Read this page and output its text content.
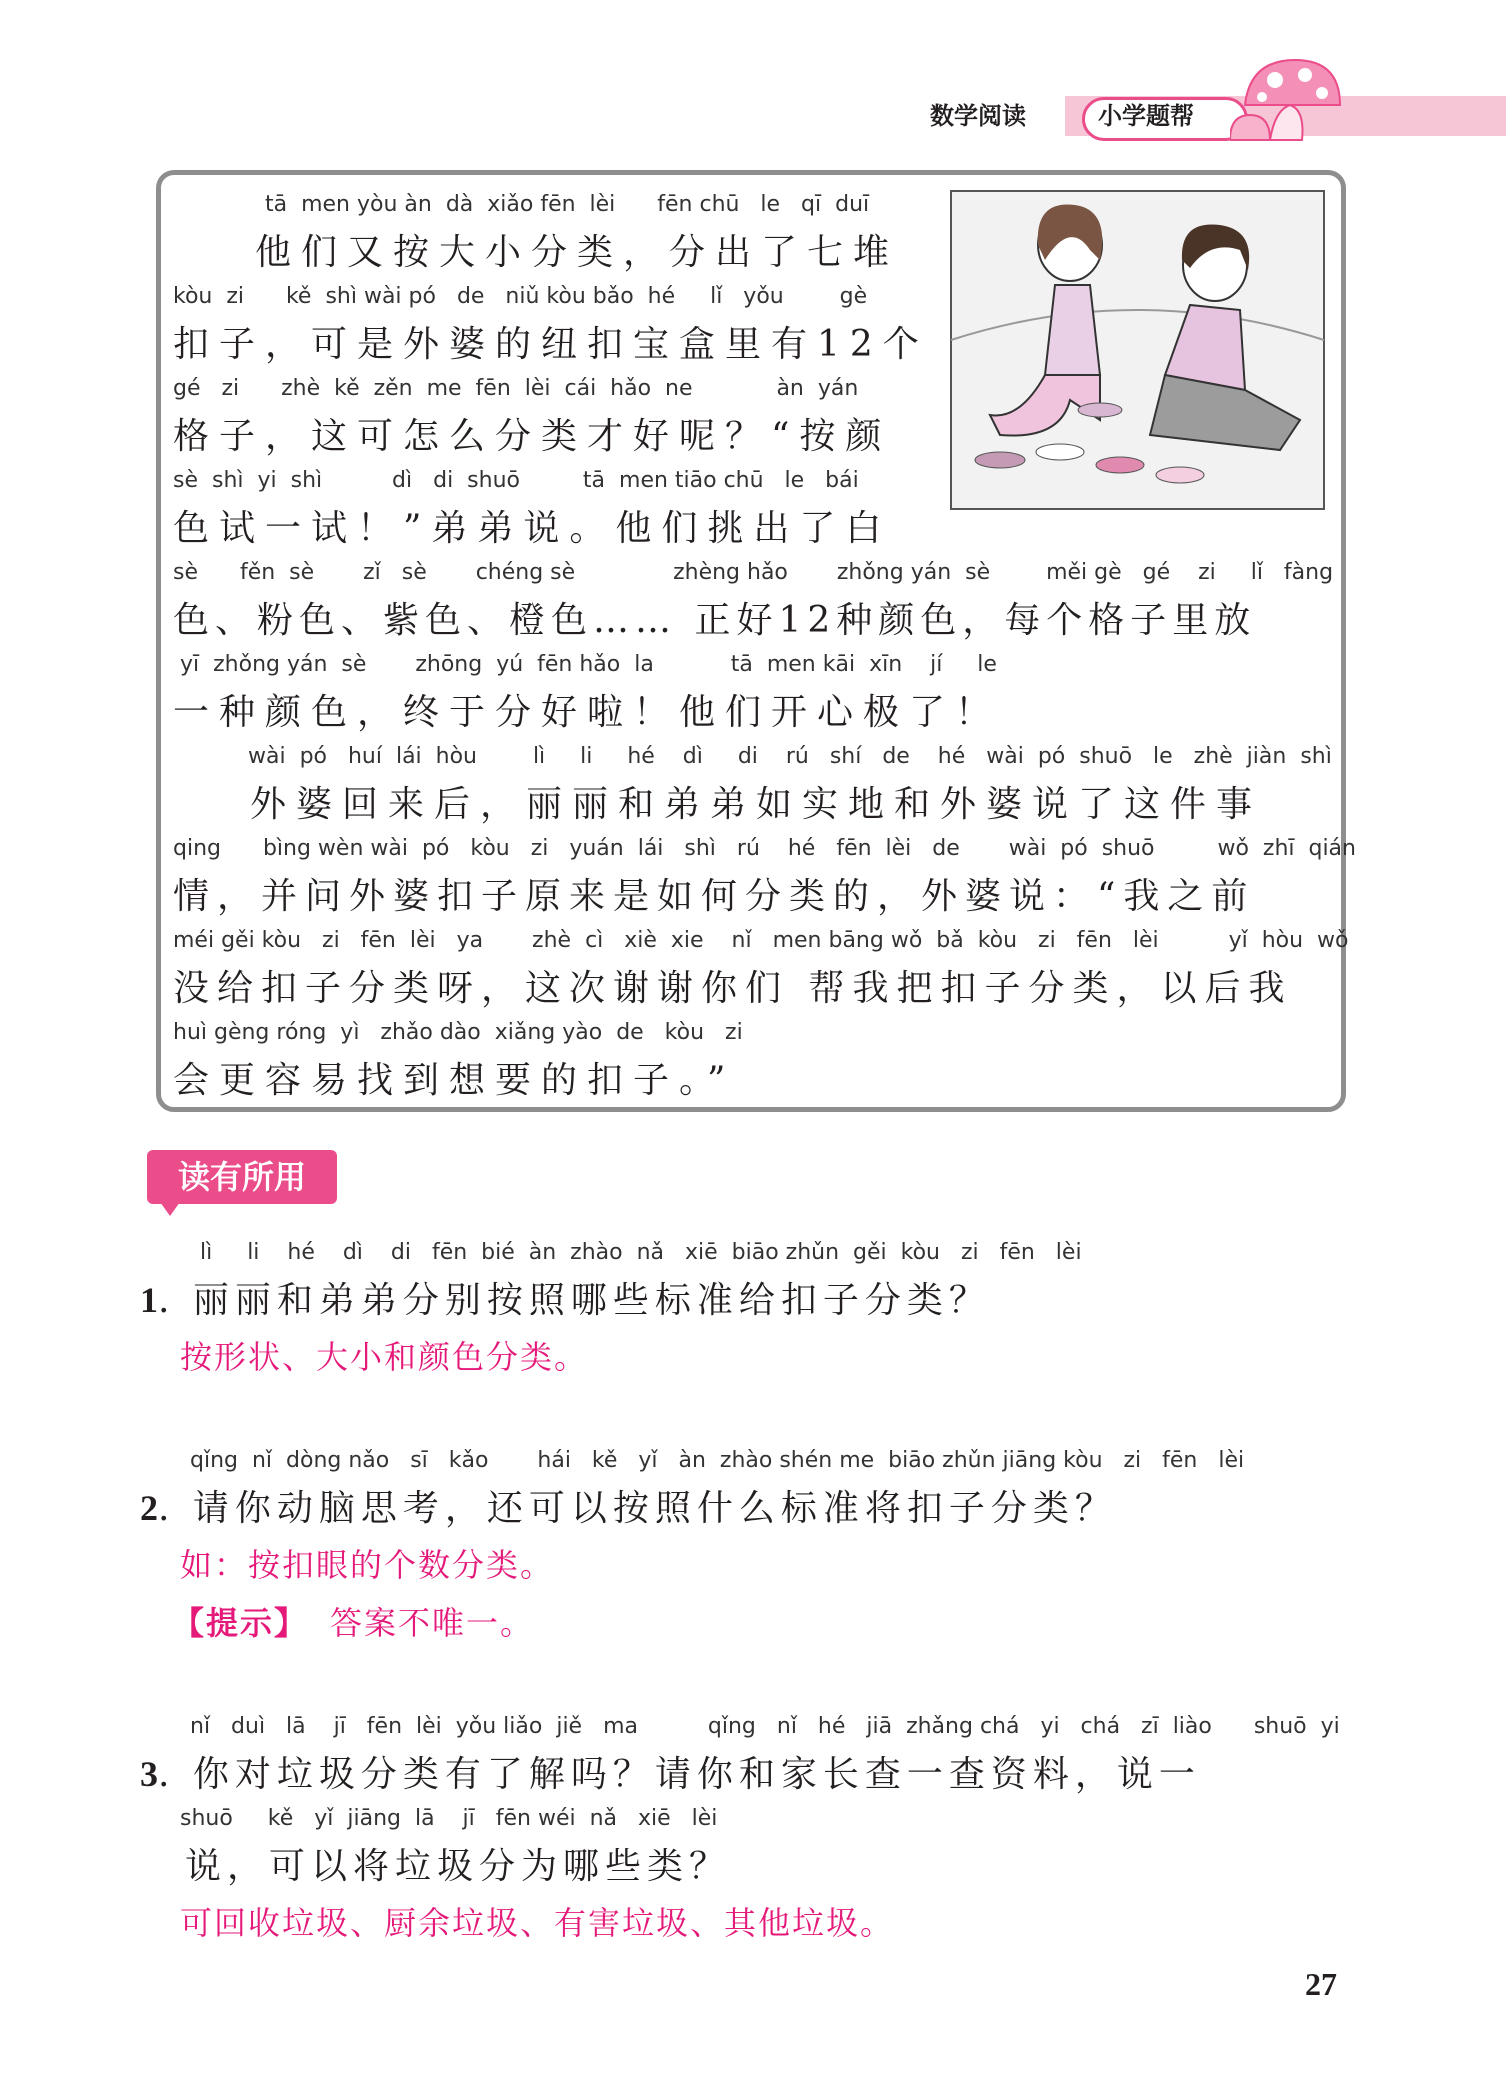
数学阅读	小学题帮
tā  men yòu àn  dà  xiǎo fēn  lèi      fēn chū   le   qī  duī
他们又按大小分类，分出了七堆
kòu  zi      kě  shì wài pó   de   niǔ kòu bǎo  hé     lǐ   yǒu        gè
扣子，可是外婆的纽扣宝盒里有12个
gé   zi      zhè  kě  zěn  me  fēn  lèi  cái  hǎo  ne            àn  yán
格子，这可怎么分类才好呢？“按颜
sè  shì  yi  shì          dì   di  shuō         tā  men tiāo chū   le   bái
色试一试！”弟弟说。他们挑出了白
sè      fěn  sè       zǐ   sè       chéng sè              zhèng hǎo       zhǒng yán  sè        měi gè   gé    zi     lǐ   fàng
色、粉色、紫色、橙色…… 正好12种颜色，每个格子里放
yī  zhǒng yán  sè       zhōng  yú  fēn hǎo  la           tā  men kāi  xīn    jí     le
一种颜色，终于分好啦！他们开心极了！
wài  pó   huí  lái  hòu        lì     li     hé    dì     di    rú   shí   de    hé   wài  pó  shuō   le   zhè  jiàn  shì
外婆回来后，丽丽和弟弟如实地和外婆说了这件事
qing      bìng wèn wài  pó   kòu   zi   yuán  lái   shì   rú    hé   fēn  lèi   de       wài  pó  shuō         wǒ  zhī  qián
情，并问外婆扣子原来是如何分类的，外婆说：“我之前
méi gěi kòu   zi   fēn  lèi   ya       zhè  cì   xiè  xie    nǐ   men bāng wǒ  bǎ  kòu   zi   fēn   lèi          yǐ  hòu  wǒ
没给扣子分类呀，这次谢谢你们 帮我把扣子分类，以后我
huì gèng róng  yì   zhǎo dào  xiǎng yào  de   kòu   zi
会更容易找到想要的扣子。”
读有所用
lì     li    hé    dì    di   fēn  bié  àn  zhào  nǎ   xiē  biāo zhǔn  gěi  kòu   zi   fēn   lèi
1. 丽丽和弟弟分别按照哪些标准给扣子分类？
按形状、大小和颜色分类。
qǐng  nǐ  dòng nǎo   sī   kǎo       hái   kě   yǐ   àn  zhào shén me  biāo zhǔn jiāng kòu   zi   fēn   lèi
2. 请你动脑思考，还可以按照什么标准将扣子分类？
如：按扣眼的个数分类。
【提示】 答案不唯一。
nǐ   duì   lā    jī   fēn  lèi  yǒu liǎo  jiě   ma          qǐng   nǐ   hé   jiā  zhǎng chá   yi   chá   zī  liào      shuō  yi
3. 你对垃圾分类有了解吗？请你和家长查一查资料，说一
shuō     kě   yǐ  jiāng  lā    jī   fēn wéi  nǎ   xiē   lèi
说，可以将垃圾分为哪些类？
可回收垃圾、厨余垃圾、有害垃圾、其他垃圾。
27
